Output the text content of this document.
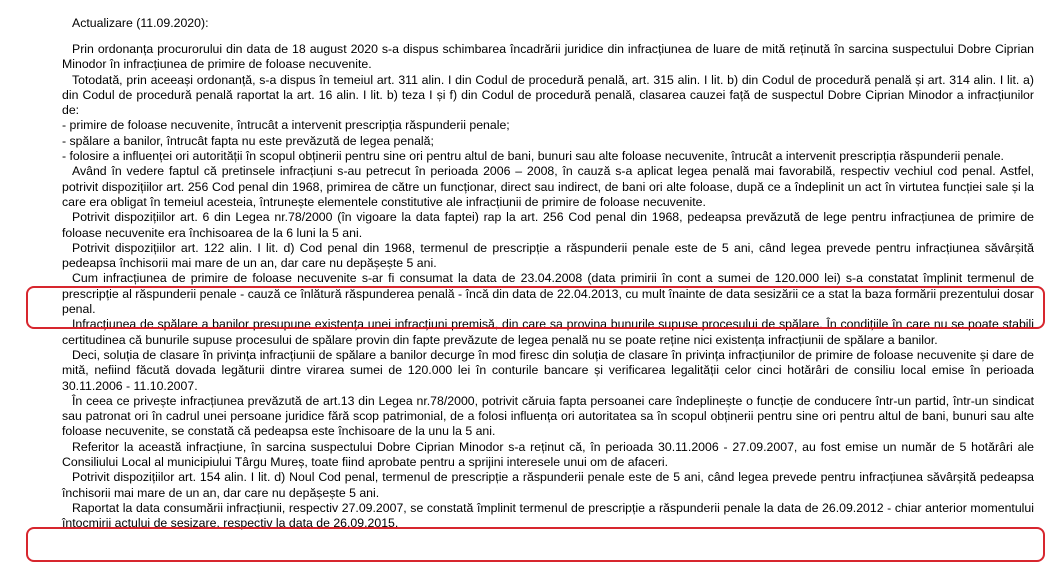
Actualizare (11.09.2020):

Prin ordonanța procurorului din data de 18 august 2020 s-a dispus schimbarea încadrării juridice din infracțiunea de luare de mită reținută în sarcina suspectului Dobre Ciprian Minodor în infracțiunea de primire de foloase necuvenite.

Totodată, prin aceeași ordonanță, s-a dispus în temeiul art. 311 alin. I din Codul de procedură penală, art. 315 alin. I lit. b) din Codul de procedură penală și art. 314 alin. I lit. a) din Codul de procedură penală raportat la art. 16 alin. I lit. b) teza I și f) din Codul de procedură penală, clasarea cauzei față de suspectul Dobre Ciprian Minodor a infracțiunilor de:

- primire de foloase necuvenite, întrucât a intervenit prescripția răspunderii penale;

- spălare a banilor, întrucât fapta nu este prevăzută de legea penală;

- folosire a influenței ori autorității în scopul obținerii pentru sine ori pentru altul de bani, bunuri sau alte foloase necuvenite, întrucât a intervenit prescripția răspunderii penale.

Având în vedere faptul că pretinsele infracțiuni s-au petrecut în perioada 2006 – 2008, în cauză s-a aplicat legea penală mai favorabilă, respectiv vechiul cod penal. Astfel, potrivit dispozițiilor art. 256 Cod penal din 1968, primirea de către un funcționar, direct sau indirect, de bani ori alte foloase, după ce a îndeplinit un act în virtutea funcției sale și la care era obligat în temeiul acesteia, întrunește elementele constitutive ale infracțiunii de primire de foloase necuvenite.

Potrivit dispozițiilor art. 6 din Legea nr.78/2000 (în vigoare la data faptei) rap la art. 256 Cod penal din 1968, pedeapsa prevăzută de lege pentru infracțiunea de primire de foloase necuvenite era închisoarea de la 6 luni la 5 ani.

Potrivit dispozițiilor art. 122 alin. I lit. d) Cod penal din 1968, termenul de prescripție a răspunderii penale este de 5 ani, când legea prevede pentru infracțiunea săvârșită pedeapsa închisorii mai mare de un an, dar care nu depășește 5 ani.

Cum infracțiunea de primire de foloase necuvenite s-ar fi consumat la data de 23.04.2008 (data primirii în cont a sumei de 120.000 lei) s-a constatat împlinit termenul de prescripție al răspunderii penale - cauză ce înlătură răspunderea penală - încă din data de 22.04.2013, cu mult înainte de data sesizării ce a stat la baza formării prezentului dosar penal.

Infracțiunea de spălare a banilor presupune existența unei infracțiuni premisă, din care sa provina bunurile supuse procesului de spălare. În condițiile în care nu se poate stabili certitudinea că bunurile supuse procesului de spălare provin din fapte prevăzute de legea penală nu se poate reține nici existența infracțiunii de spălare a banilor.

Deci, soluția de clasare în privința infracțiunii de spălare a banilor decurge în mod firesc din soluția de clasare în privința infracțiunilor de primire de foloase necuvenite și dare de mită, nefiind făcută dovada legăturii dintre virarea sumei de 120.000 lei în conturile bancare și verificarea legalității celor cinci hotărâri de consiliu local emise în perioada 30.11.2006 - 11.10.2007.

În ceea ce privește infracțiunea prevăzută de art.13 din Legea nr.78/2000, potrivit căruia fapta persoanei care îndeplinește o funcție de conducere într-un partid, într-un sindicat sau patronat ori în cadrul unei persoane juridice fără scop patrimonial, de a folosi influența ori autoritatea sa în scopul obținerii pentru sine ori pentru altul de bani, bunuri sau alte foloase necuvenite, se constată că pedeapsa este închisoare de la unu la 5 ani.

Referitor la această infracțiune, în sarcina suspectului Dobre Ciprian Minodor s-a reținut că, în perioada 30.11.2006 - 27.09.2007, au fost emise un număr de 5 hotărâri ale Consiliului Local al municipiului Târgu Mureș, toate fiind aprobate pentru a sprijini interesele unui om de afaceri.

Potrivit dispozițiilor art. 154 alin. I lit. d) Noul Cod penal, termenul de prescripție a răspunderii penale este de 5 ani, când legea prevede pentru infracțiunea săvârșită pedeapsa închisorii mai mare de un an, dar care nu depășește 5 ani.

Raportat la data consumării infracțiunii, respectiv 27.09.2007, se constată împlinit termenul de prescripție a răspunderii penale la data de 26.09.2012 - chiar anterior momentului întocmirii actului de sesizare, respectiv la data de 26.09.2015.
